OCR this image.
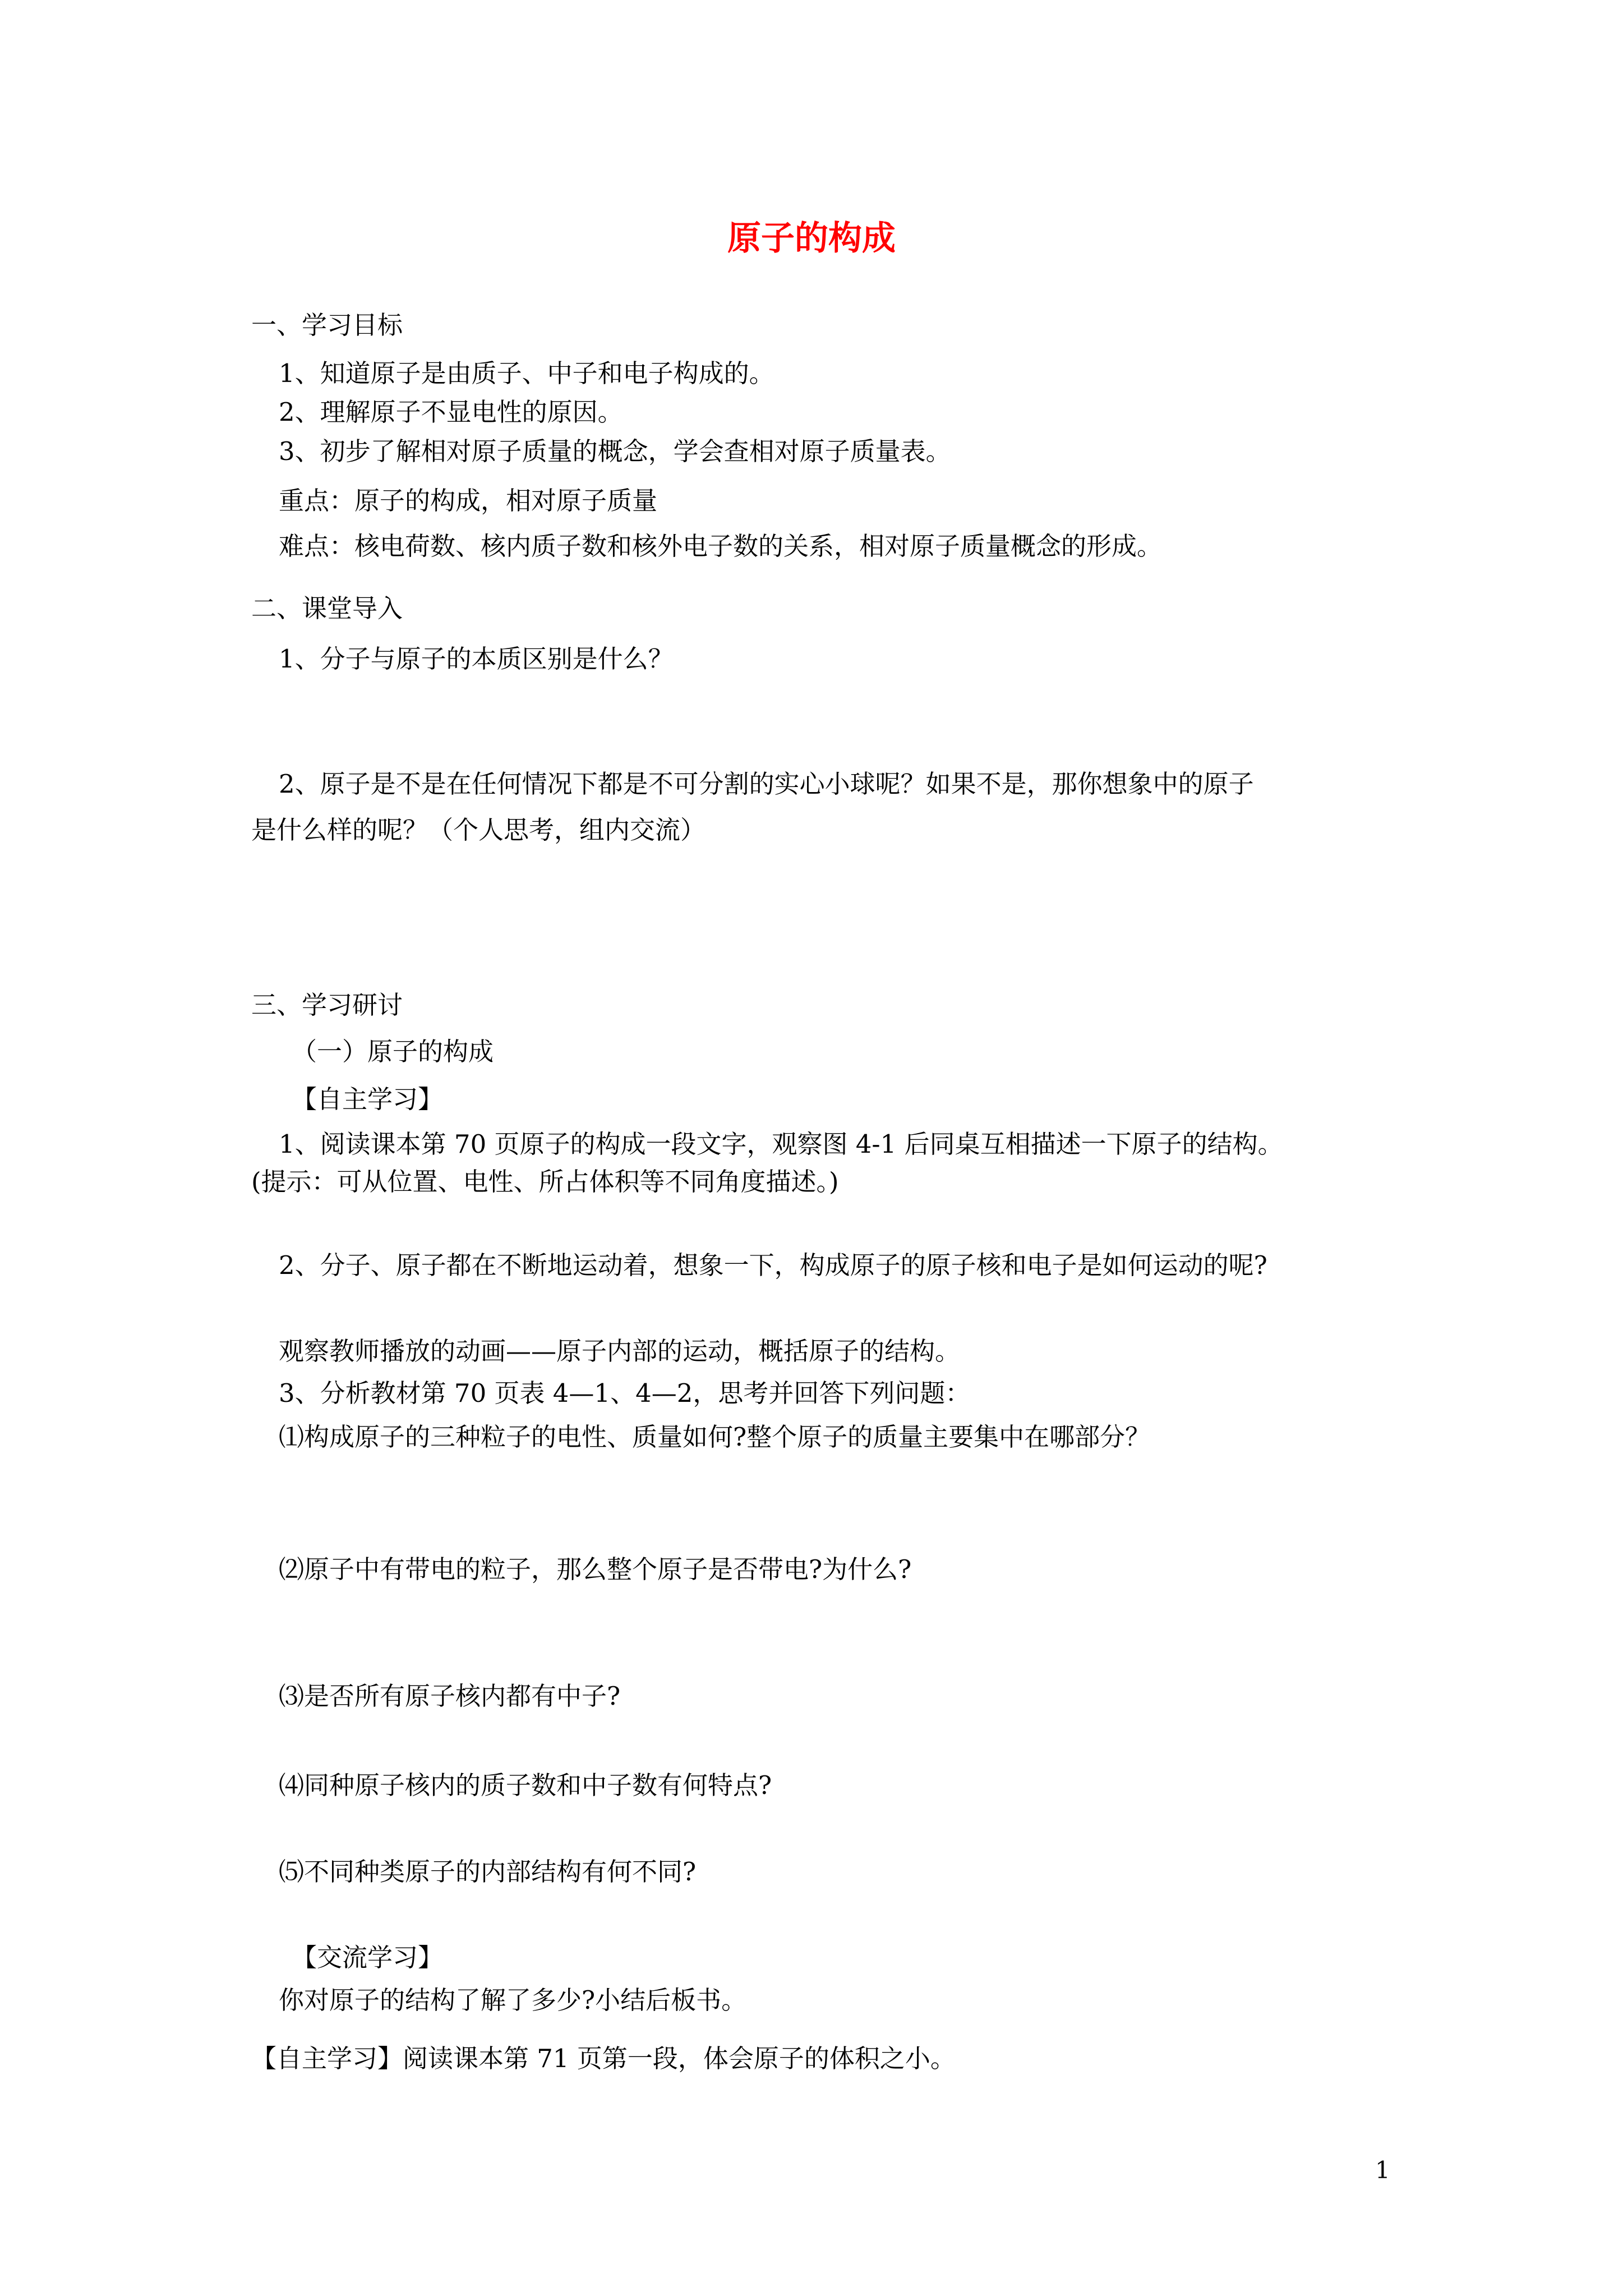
原子的构成
一、学习目标
1、知道原子是由质子、中子和电子构成的。
2、理解原子不显电性的原因。
3、初步了解相对原子质量的概念，学会查相对原子质量表。
重点：原子的构成，相对原子质量
难点：核电荷数、核内质子数和核外电子数的关系，相对原子质量概念的形成。
二、课堂导入
1、分子与原子的本质区别是什么？
2、原子是不是在任何情况下都是不可分割的实心小球呢？如果不是，那你想象中的原子
是什么样的呢？（个人思考，组内交流）
三、学习研讨
（一）原子的构成
【自主学习】
1、阅读课本第 70 页原子的构成一段文字，观察图 4-1 后同桌互相描述一下原子的结构。
(提示：可从位置、电性、所占体积等不同角度描述。)
2、分子、原子都在不断地运动着，想象一下，构成原子的原子核和电子是如何运动的呢?
观察教师播放的动画——原子内部的运动，概括原子的结构。
3、分析教材第 70 页表 4—1、4—2，思考并回答下列问题：
⑴构成原子的三种粒子的电性、质量如何?整个原子的质量主要集中在哪部分？
⑵原子中有带电的粒子，那么整个原子是否带电?为什么?
⑶是否所有原子核内都有中子?
⑷同种原子核内的质子数和中子数有何特点?
⑸不同种类原子的内部结构有何不同?
【交流学习】
你对原子的结构了解了多少?小结后板书。
【自主学习】阅读课本第 71 页第一段，体会原子的体积之小。
1
